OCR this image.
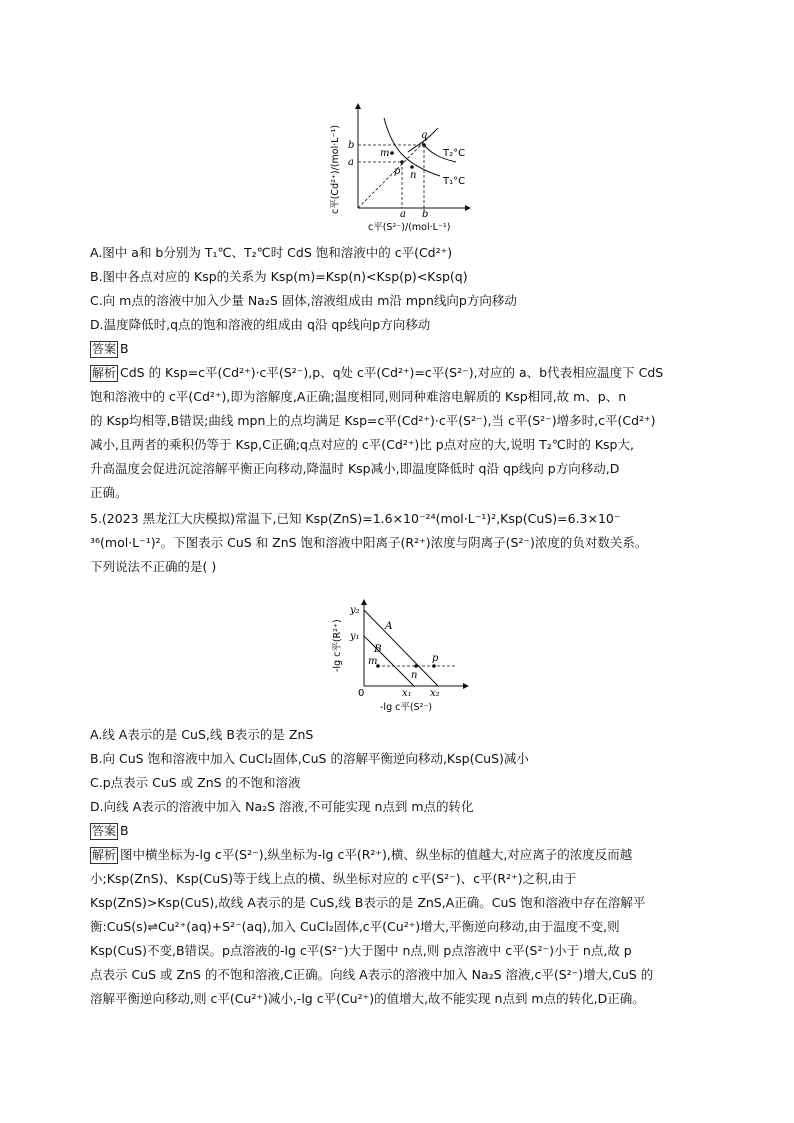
b
a
a b
m
p n
q
T₂°C
T₁°C
c平(S²⁻)/(mol·L⁻¹)
c平(Cd²⁺)/(mol·L⁻¹)
A.图中 a和 b分别为 T₁℃、T₂℃时 CdS 饱和溶液中的 c平(Cd²⁺)
B.图中各点对应的 Ksp的关系为 Ksp(m)=Ksp(n)<Ksp(p)<Ksp(q)
C.向 m点的溶液中加入少量 Na₂S 固体,溶液组成由 m沿 mpn线向p方向移动
D.温度降低时,q点的饱和溶液的组成由 q沿 qp线向p方向移动
答案 B
解析 CdS 的 Ksp=c平(Cd²⁺)·c平(S²⁻),p、q处 c平(Cd²⁺)=c平(S²⁻),对应的 a、b代表相应温度下 CdS
饱和溶液中的 c平(Cd²⁺),即为溶解度,A正确;温度相同,则同种难溶电解质的 Ksp相同,故 m、p、n
的 Ksp均相等,B错误;曲线 mpn上的点均满足 Ksp=c平(Cd²⁺)·c平(S²⁻),当 c平(S²⁻)增多时,c平(Cd²⁺)
减小,且两者的乘积仍等于 Ksp,C正确;q点对应的 c平(Cd²⁺)比 p点对应的大,说明 T₂℃时的 Ksp大,
升高温度会促进沉淀溶解平衡正向移动,降温时 Ksp减小,即温度降低时 q沿 qp线向 p方向移动,D
正确。
5.(2023 黑龙江大庆模拟)常温下,已知 Ksp(ZnS)=1.6×10⁻²⁴(mol·L⁻¹)²,Ksp(CuS)=6.3×10⁻
³⁶(mol·L⁻¹)²。下图表示 CuS 和 ZnS 饱和溶液中阳离子(R²⁺)浓度与阴离子(S²⁻)浓度的负对数关系。
下列说法不正确的是( )
y₂
y₁
0	x₁ x₂
A
B
m
n
p
-lg c平(S²⁻)
-lg c平(R²⁺)
A.线 A表示的是 CuS,线 B表示的是 ZnS
B.向 CuS 饱和溶液中加入 CuCl₂固体,CuS 的溶解平衡逆向移动,Ksp(CuS)减小
C.p点表示 CuS 或 ZnS 的不饱和溶液
D.向线 A表示的溶液中加入 Na₂S 溶液,不可能实现 n点到 m点的转化
答案 B
解析 图中横坐标为-lg c平(S²⁻),纵坐标为-lg c平(R²⁺),横、纵坐标的值越大,对应离子的浓度反而越
小;Ksp(ZnS)、Ksp(CuS)等于线上点的横、纵坐标对应的 c平(S²⁻)、c平(R²⁺)之积,由于
Ksp(ZnS)>Ksp(CuS),故线 A表示的是 CuS,线 B表示的是 ZnS,A正确。CuS 饱和溶液中存在溶解平
衡:CuS(s)⇌Cu²⁺(aq)+S²⁻(aq),加入 CuCl₂固体,c平(Cu²⁺)增大,平衡逆向移动,由于温度不变,则
Ksp(CuS)不变,B错误。p点溶液的-lg c平(S²⁻)大于图中 n点,则 p点溶液中 c平(S²⁻)小于 n点,故 p
点表示 CuS 或 ZnS 的不饱和溶液,C正确。向线 A表示的溶液中加入 Na₂S 溶液,c平(S²⁻)增大,CuS 的
溶解平衡逆向移动,则 c平(Cu²⁺)减小,-lg c平(Cu²⁺)的值增大,故不能实现 n点到 m点的转化,D正确。
